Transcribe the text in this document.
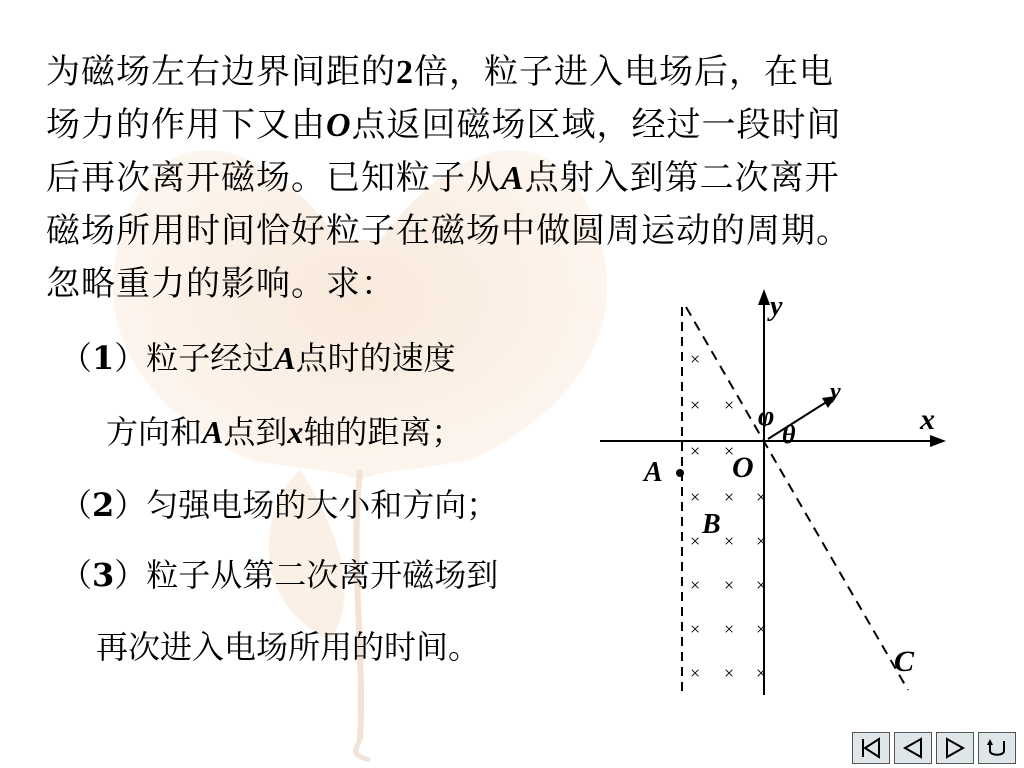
为磁场左右边界间距的2倍，粒子进入电场后，在电
场力的作用下又由O点返回磁场区域，经过一段时间
后再次离开磁场。已知粒子从A点射入到第二次离开
磁场所用时间恰好粒子在磁场中做圆周运动的周期。
忽略重力的影响。求：
（1）粒子经过A点时的速度
方向和A点到x轴的距离；
（2）匀强电场的大小和方向；
（3）粒子从第二次离开磁场到
再次进入电场所用的时间。
×
× ×
× ×
× × ×
× × ×
× × ×
× × ×
× × ×
y
y
x
φ
θ
O
A
B
C
